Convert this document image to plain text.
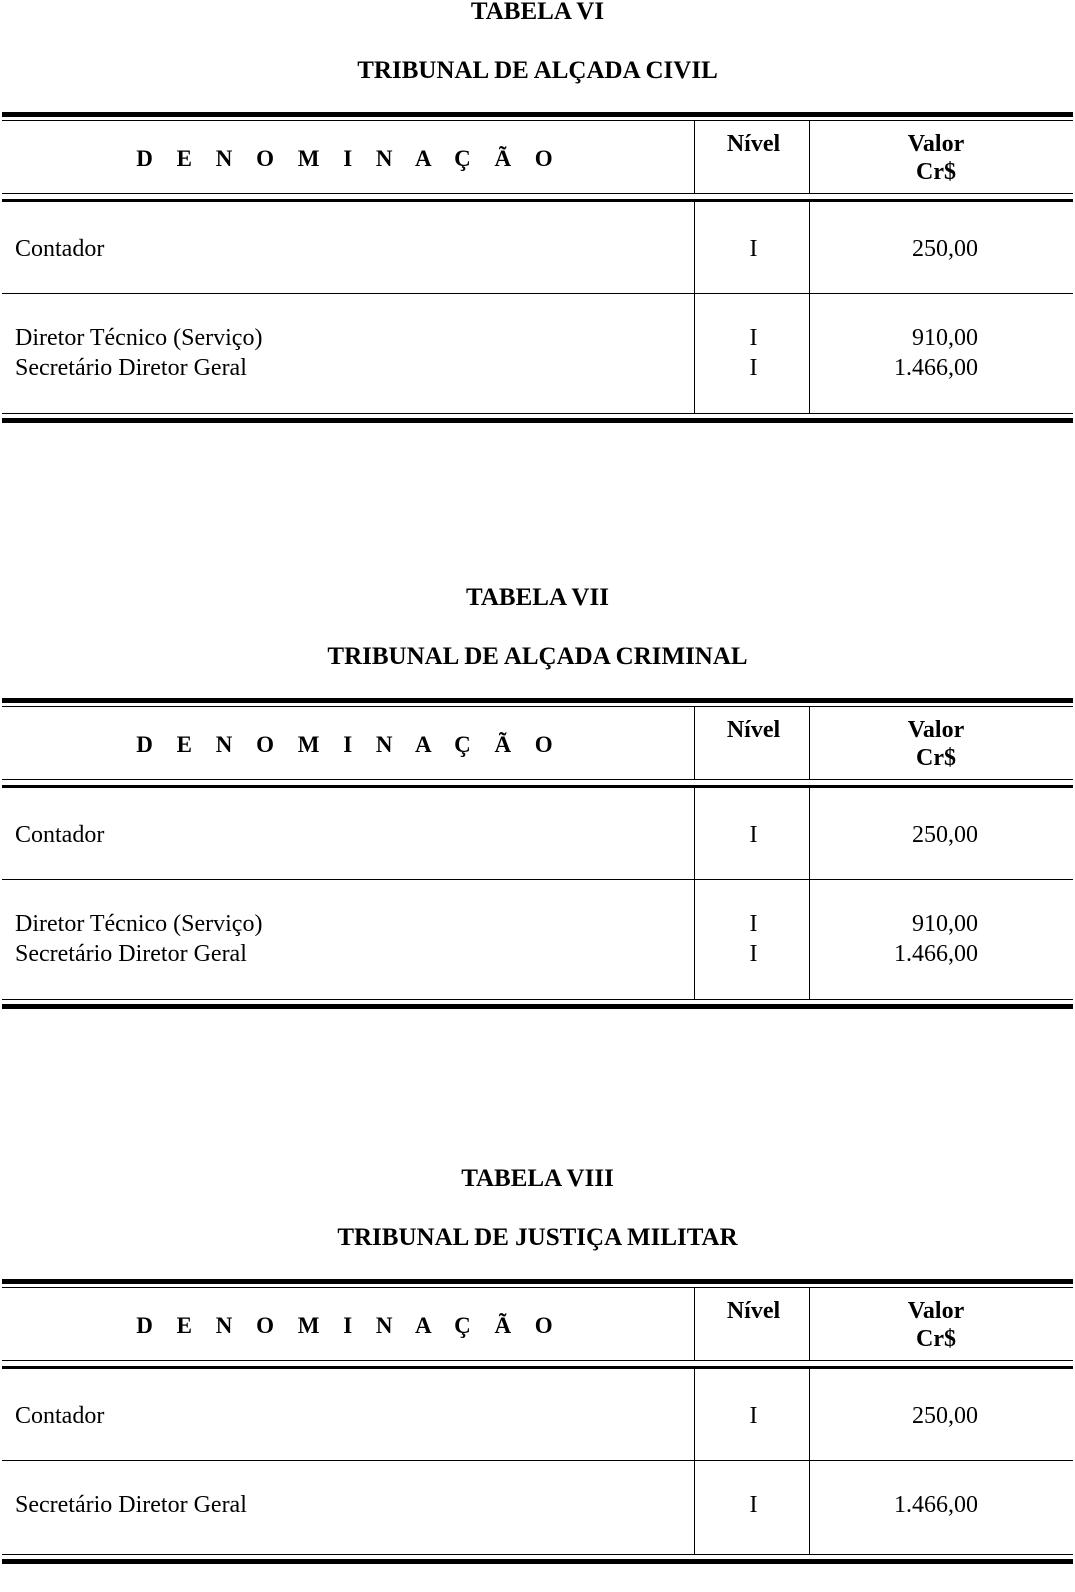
TABELA VI
TRIBUNAL DE ALÇADA CIVIL
D E N O M I N A Ç Ã O
Nível	Valor
Cr$
Contador	I	250,00
Diretor Técnico (Serviço)	I	910,00
Secretário Diretor Geral	I	1.466,00
TABELA VII
TRIBUNAL DE ALÇADA CRIMINAL
D E N O M I N A Ç Ã O
Nível	Valor
Cr$
Contador	I	250,00
Diretor Técnico (Serviço)	I	910,00
Secretário Diretor Geral	I	1.466,00
TABELA VIII
TRIBUNAL DE JUSTIÇA MILITAR
D E N O M I N A Ç Ã O
Nível	Valor
Cr$
Contador	I	250,00
Secretário Diretor Geral	I	1.466,00
